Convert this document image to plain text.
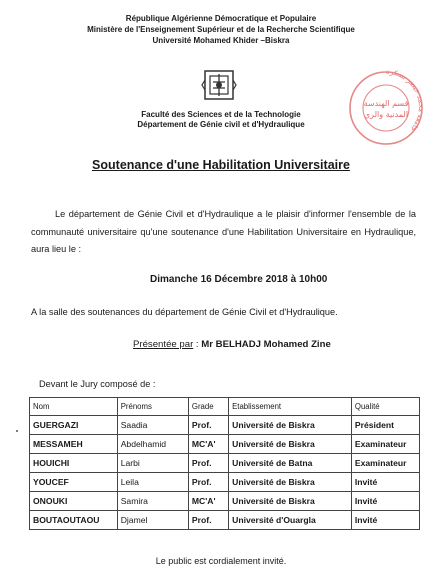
République Algérienne Démocratique et Populaire
Ministère de l'Enseignement Supérieur et de la Recherche Scientifique
Université Mohamed Khider –Biskra
جامعة محمد خيضر بسكرة
قسم الهندسة
المدنية والري
Faculté des Sciences et de la Technologie
Département de Génie civil et d'Hydraulique
Soutenance d'une Habilitation Universitaire
Le département de Génie Civil et d'Hydraulique a le plaisir d'informer l'ensemble de la communauté universitaire qu'une soutenance d'une Habilitation Universitaire en Hydraulique, aura lieu le :
Dimanche 16 Décembre 2018 à 10h00
A la salle des soutenances du département de Génie Civil et d'Hydraulique.
Présentée par : Mr BELHADJ Mohamed Zine
Devant le Jury composé de :
Nom	Prénoms	Grade	Etablissement	Qualité
GUERGAZI	Saadia	Prof.	Université de Biskra	Président
MESSAMEH	Abdelhamid	MC'A'	Université de Biskra	Examinateur
HOUICHI	Larbi	Prof.	Université de Batna	Examinateur
YOUCEF	Leila	Prof.	Université de Biskra	Invité
ONOUKI	Samira	MC'A'	Université de Biskra	Invité
BOUTAOUTAOU	Djamel	Prof.	Université d'Ouargla	Invité
Le public est cordialement invité.
